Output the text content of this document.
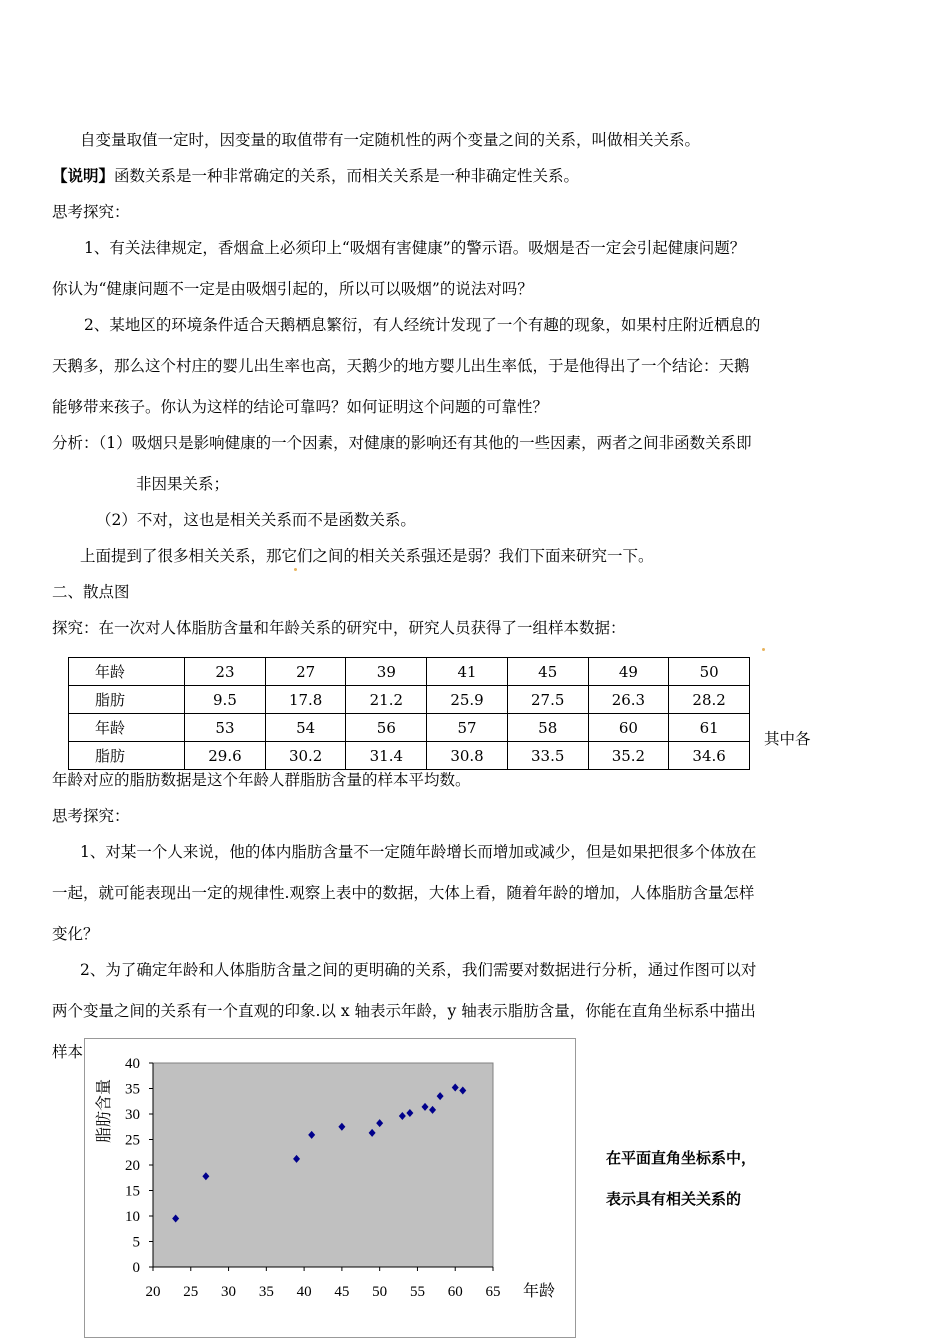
自变量取值一定时，因变量的取值带有一定随机性的两个变量之间的关系，叫做相关关系。
【说明】函数关系是一种非常确定的关系，而相关关系是一种非确定性关系。
思考探究：
1、有关法律规定，香烟盒上必须印上“吸烟有害健康”的警示语。吸烟是否一定会引起健康问题？
你认为“健康问题不一定是由吸烟引起的，所以可以吸烟”的说法对吗？
2、某地区的环境条件适合天鹅栖息繁衍，有人经统计发现了一个有趣的现象，如果村庄附近栖息的
天鹅多，那么这个村庄的婴儿出生率也高，天鹅少的地方婴儿出生率低，于是他得出了一个结论：天鹅
能够带来孩子。你认为这样的结论可靠吗？如何证明这个问题的可靠性？
分析：（1）吸烟只是影响健康的一个因素，对健康的影响还有其他的一些因素，两者之间非函数关系即
非因果关系；
（2）不对，这也是相关关系而不是函数关系。
上面提到了很多相关关系，那它们之间的相关关系强还是弱？我们下面来研究一下。
二、散点图
探究：在一次对人体脂肪含量和年龄关系的研究中，研究人员获得了一组样本数据：
年龄	23	27	39	41	45	49	50
脂肪	9.5	17.8	21.2	25.9	27.5	26.3	28.2
年龄	53	54	56	57	58	60	61
脂肪	29.6	30.2	31.4	30.8	33.5	35.2	34.6
其中各
年龄对应的脂肪数据是这个年龄人群脂肪含量的样本平均数。
思考探究：
1、对某一个人来说，他的体内脂肪含量不一定随年龄增长而增加或减少，但是如果把很多个体放在
一起，就可能表现出一定的规律性.观察上表中的数据，大体上看，随着年龄的增加，人体脂肪含量怎样
变化？
2、为了确定年龄和人体脂肪含量之间的更明确的关系，我们需要对数据进行分析，通过作图可以对
两个变量之间的关系有一个直观的印象.以 x 轴表示年龄，y 轴表示脂肪含量，你能在直角坐标系中描出
样本
0
5
10
15
20
25
30
35
40
20 25 30 35 40 45 50 55 60 65
脂肪含量
年龄
在平面直角坐标系中，
表示具有相关关系的
